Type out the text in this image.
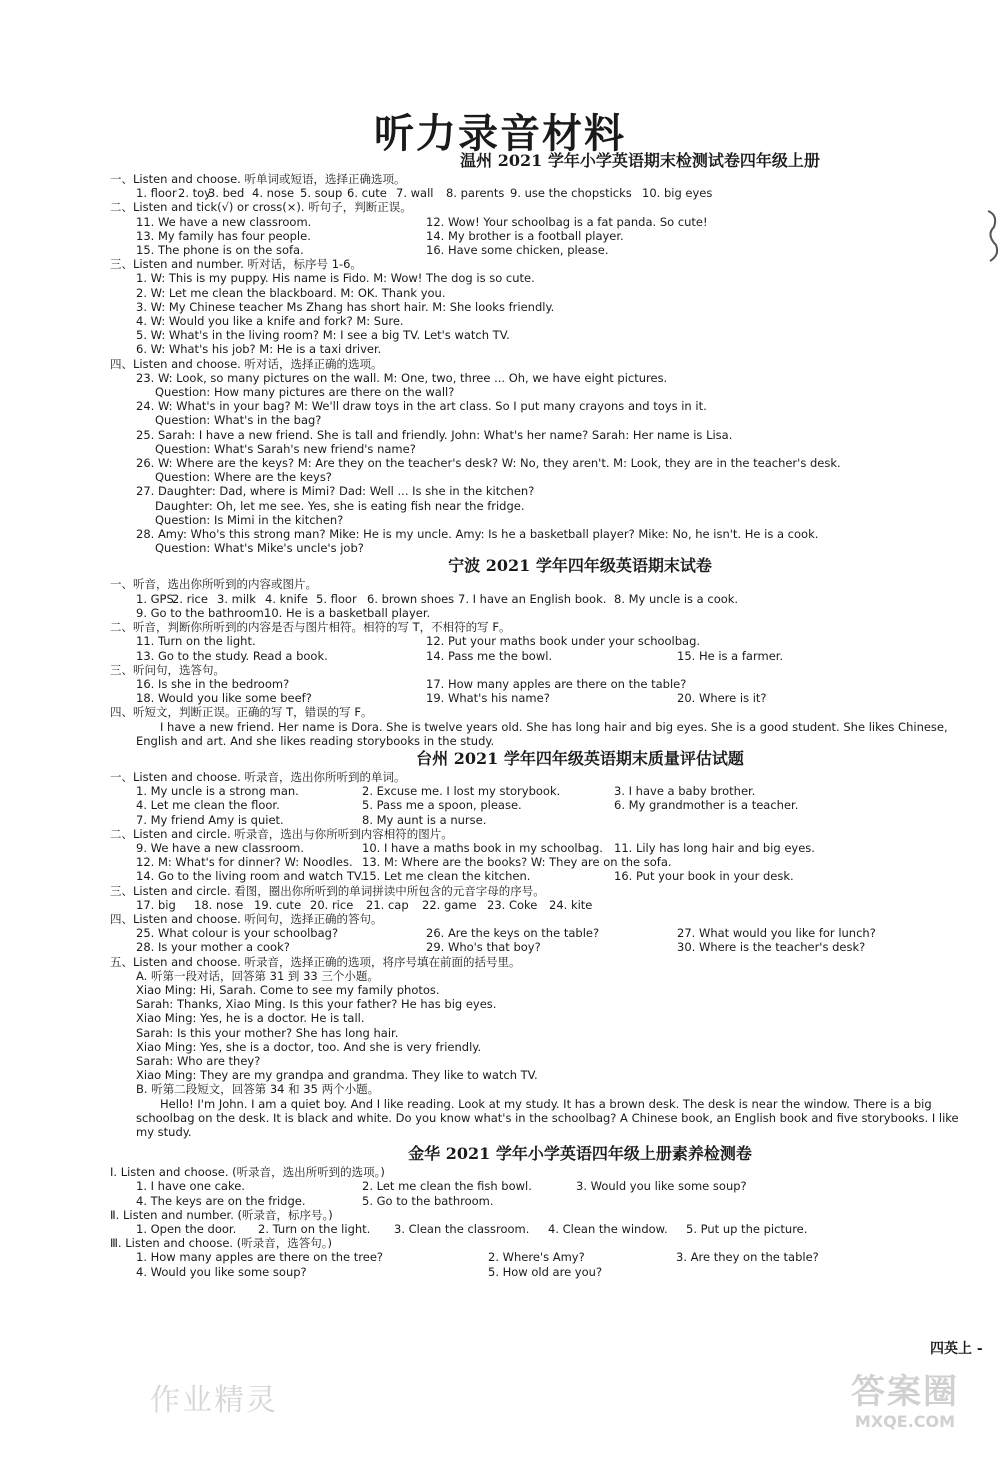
听力录音材料
温州 2021 学年小学英语期末检测试卷四年级上册
一、Listen and choose. 听单词或短语，选择正确选项。
1. floor 2. toy
3. bed 4. nose 5. soup 6. cute 7. wall	8. parents 9. use the chopsticks 10. big eyes
二、Listen and tick(√) or cross(×). 听句子，判断正误。
11. We have a new classroom.	12. Wow! Your schoolbag is a fat panda. So cute!
13. My family has four people.	14. My brother is a football player.
15. The phone is on the sofa.	16. Have some chicken, please.
三、Listen and number. 听对话，标序号 1-6。
1. W: This is my puppy. His name is Fido. M: Wow! The dog is so cute.
2. W: Let me clean the blackboard. M: OK. Thank you.
3. W: My Chinese teacher Ms Zhang has short hair. M: She looks friendly.
4. W: Would you like a knife and fork? M: Sure.
5. W: What's in the living room? M: I see a big TV. Let's watch TV.
6. W: What's his job? M: He is a taxi driver.
四、Listen and choose. 听对话，选择正确的选项。
23. W: Look, so many pictures on the wall. M: One, two, three ... Oh, we have eight pictures.
Question: How many pictures are there on the wall?
24. W: What's in your bag? M: We'll draw toys in the art class. So I put many crayons and toys in it.
Question: What's in the bag?
25. Sarah: I have a new friend. She is tall and friendly. John: What's her name? Sarah: Her name is Lisa.
Question: What's Sarah's new friend's name?
26. W: Where are the keys? M: Are they on the teacher's desk? W: No, they aren't. M: Look, they are in the teacher's desk.
Question: Where are the keys?
27. Daughter: Dad, where is Mimi? Dad: Well ... Is she in the kitchen?
Daughter: Oh, let me see. Yes, she is eating fish near the fridge.
Question: Is Mimi in the kitchen?
28. Amy: Who's this strong man? Mike: He is my uncle. Amy: Is he a basketball player? Mike: No, he isn't. He is a cook.
Question: What's Mike's uncle's job?
宁波 2021 学年四年级英语期末试卷
一、听音，选出你所听到的内容或图片。
1. GPS
2. rice 3. milk 4. knife 5. floor 6. brown shoes 7. I have an English book. 8. My uncle is a cook.
9. Go to the bathroom.
10. He is a basketball player.
二、听音，判断你所听到的内容是否与图片相符。相符的写 T，不相符的写 F。
11. Turn on the light.	12. Put your maths book under your schoolbag.
13. Go to the study. Read a book.	14. Pass me the bowl.	15. He is a farmer.
三、听问句，选答句。
16. Is she in the bedroom?	17. How many apples are there on the table?
18. Would you like some beef?	19. What's his name?	20. Where is it?
四、听短文，判断正误。正确的写 T，错误的写 F。
I have a new friend. Her name is Dora. She is twelve years old. She has long hair and big eyes. She is a good student. She likes Chinese, English and art. And she likes reading storybooks in the study.
台州 2021 学年四年级英语期末质量评估试题
一、Listen and choose. 听录音，选出你所听到的单词。
1. My uncle is a strong man.	2. Excuse me. I lost my storybook.	3. I have a baby brother.
4. Let me clean the floor.	5. Pass me a spoon, please.	6. My grandmother is a teacher.
7. My friend Amy is quiet.	8. My aunt is a nurse.
二、Listen and circle. 听录音，选出与你所听到内容相符的图片。
9. We have a new classroom.	10. I have a maths book in my schoolbag. 11. Lily has long hair and big eyes.
12. M: What's for dinner? W: Noodles. 13. M: Where are the books? W: They are on the sofa.
14. Go to the living room and watch TV.
15. Let me clean the kitchen.	16. Put your book in your desk.
三、Listen and circle. 看图，圈出你所听到的单词拼读中所包含的元音字母的序号。
17. big	18. nose 19. cute 20. rice	21. cap	22. game 23. Coke	24. kite
四、Listen and choose. 听问句，选择正确的答句。
25. What colour is your schoolbag?	26. Are the keys on the table?	27. What would you like for lunch?
28. Is your mother a cook?	29. Who's that boy?	30. Where is the teacher's desk?
五、Listen and choose. 听录音，选择正确的选项，将序号填在前面的括号里。
A. 听第一段对话，回答第 31 到 33 三个小题。
Xiao Ming: Hi, Sarah. Come to see my family photos.
Sarah: Thanks, Xiao Ming. Is this your father? He has big eyes.
Xiao Ming: Yes, he is a doctor. He is tall.
Sarah: Is this your mother? She has long hair.
Xiao Ming: Yes, she is a doctor, too. And she is very friendly.
Sarah: Who are they?
Xiao Ming: They are my grandpa and grandma. They like to watch TV.
B. 听第二段短文，回答第 34 和 35 两个小题。
Hello! I'm John. I am a quiet boy. And I like reading. Look at my study. It has a brown desk. The desk is near the window. There is a big schoolbag on the desk. It is black and white. Do you know what's in the schoolbag? A Chinese book, an English book and five storybooks. I like my study.
金华 2021 学年小学英语四年级上册素养检测卷
Ⅰ. Listen and choose. (听录音，选出所听到的选项。)
1. I have one cake.	2. Let me clean the fish bowl.	3. Would you like some soup?
4. The keys are on the fridge.	5. Go to the bathroom.
Ⅱ. Listen and number. (听录音，标序号。)
1. Open the door.	2. Turn on the light.	3. Clean the classroom.	4. Clean the window.	5. Put up the picture.
Ⅲ. Listen and choose. (听录音，选答句。)
1. How many apples are there on the tree?	2. Where's Amy?	3. Are they on the table?
4. Would you like some soup?	5. How old are you?
四英上 -
作业精灵	答案圈
MXQE.COM
